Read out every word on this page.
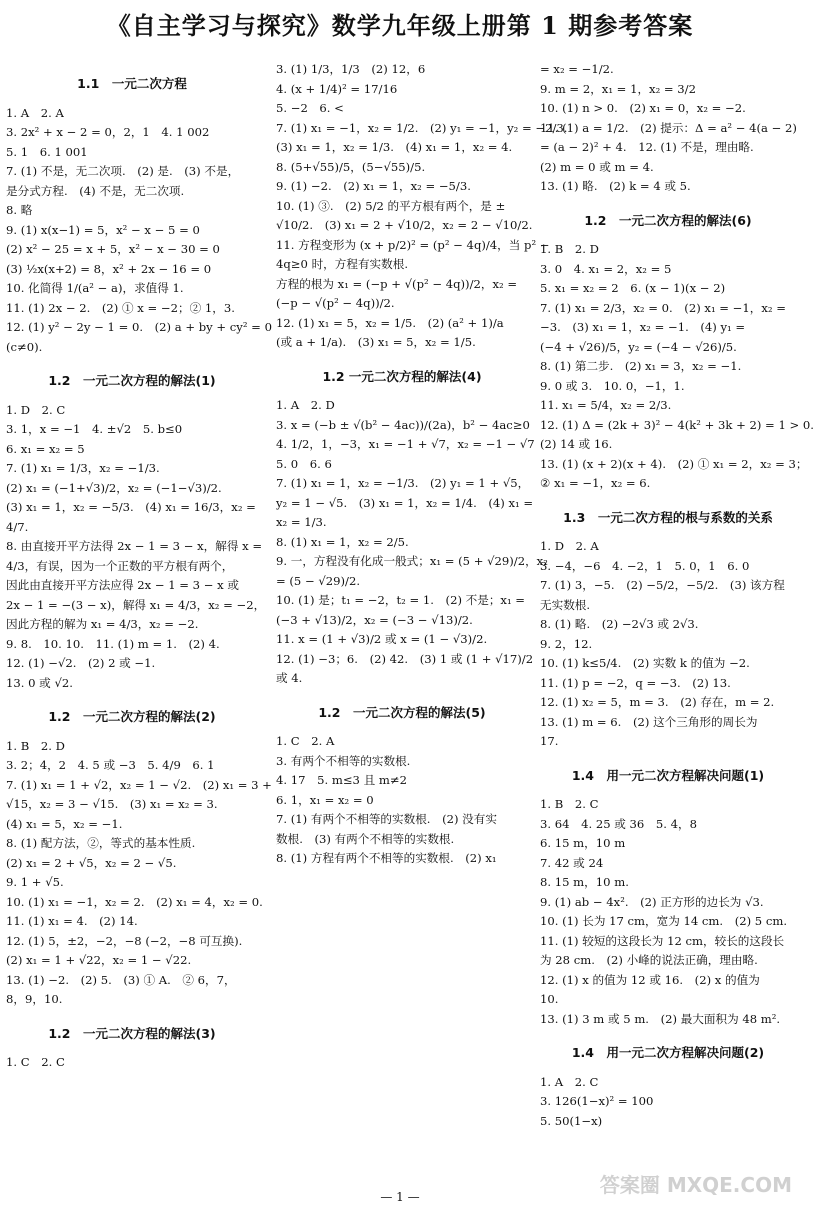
《自主学习与探究》数学九年级上册第 1 期参考答案
1.1　一元二次方程
1. A　2. A
3. 2x² + x − 2 = 0，2，1　4. 1 002
5. 1　6. 1 001
7. (1) 不是，无二次项.　(2) 是.　(3) 不是，
是分式方程.　(4) 不是，无二次项.
8. 略
9. (1) x(x−1) = 5，x² − x − 5 = 0
(2) x² − 25 = x + 5，x² − x − 30 = 0
(3) ½x(x+2) = 8，x² + 2x − 16 = 0
10. 化简得 1/(a² − a)，求值得 1.
11. (1) 2x − 2.　(2) ① x = −2；② 1，3.
12. (1) y² − 2y − 1 = 0.　(2) a + by + cy² = 0
(c≠0).
1.2　一元二次方程的解法(1)
1. D　2. C
3. 1，x = −1　4. ±√2　5. b≤0
6. x₁ = x₂ = 5
7. (1) x₁ = 1/3，x₂ = −1/3.
(2) x₁ = (−1+√3)/2，x₂ = (−1−√3)/2.
(3) x₁ = 1，x₂ = −5/3.　(4) x₁ = 16/3，x₂ =
4/7.
8. 由直接开平方法得 2x − 1 = 3 − x，解得 x =
4/3，有误，因为一个正数的平方根有两个，
因此由直接开平方法应得 2x − 1 = 3 − x 或
2x − 1 = −(3 − x)，解得 x₁ = 4/3，x₂ = −2，
因此方程的解为 x₁ = 4/3，x₂ = −2.
9. 8.　10. 10.　11. (1) m = 1.　(2) 4.
12. (1) −√2.　(2) 2 或 −1.
13. 0 或 √2.
1.2　一元二次方程的解法(2)
1. B　2. D
3. 2；4，2　4. 5 或 −3　5. 4/9　6. 1
7. (1) x₁ = 1 + √2，x₂ = 1 − √2.　(2) x₁ = 3 +
√15，x₂ = 3 − √15.　(3) x₁ = x₂ = 3.
(4) x₁ = 5，x₂ = −1.
8. (1) 配方法，②，等式的基本性质.
(2) x₁ = 2 + √5，x₂ = 2 − √5.
9. 1 + √5.
10. (1) x₁ = −1，x₂ = 2.　(2) x₁ = 4，x₂ = 0.
11. (1) x₁ = 4.　(2) 14.
12. (1) 5，±2，−2，−8 (−2，−8 可互换).
(2) x₁ = 1 + √22，x₂ = 1 − √22.
13. (1) −2.　(2) 5.　(3) ① A.　② 6，7，
8，9，10.
1.2　一元二次方程的解法(3)
1. C　2. C
3. (1) 1/3，1/3　(2) 12，6
4. (x + 1/4)² = 17/16
5. −2　6. <
7. (1) x₁ = −1，x₂ = 1/2.　(2) y₁ = −1，y₂ = −2/3.
(3) x₁ = 1，x₂ = 1/3.　(4) x₁ = 1，x₂ = 4.
8. (5+√55)/5，(5−√55)/5.
9. (1) −2.　(2) x₁ = 1，x₂ = −5/3.
10. (1) ③.　(2) 5/2 的平方根有两个，是 ±
√10/2.　(3) x₁ = 2 + √10/2，x₂ = 2 − √10/2.
11. 方程变形为 (x + p/2)² = (p² − 4q)/4，当 p² −
4q≥0 时，方程有实数根.
方程的根为 x₁ = (−p + √(p² − 4q))/2，x₂ =
(−p − √(p² − 4q))/2.
12. (1) x₁ = 5，x₂ = 1/5.　(2) (a² + 1)/a
(或 a + 1/a).　(3) x₁ = 5，x₂ = 1/5.
1.2 一元二次方程的解法(4)
1. A　2. D
3. x = (−b ± √(b² − 4ac))/(2a)，b² − 4ac≥0
4. 1/2，1，−3，x₁ = −1 + √7，x₂ = −1 − √7
5. 0　6. 6
7. (1) x₁ = 1，x₂ = −1/3.　(2) y₁ = 1 + √5，
y₂ = 1 − √5.　(3) x₁ = 1，x₂ = 1/4.　(4) x₁ =
x₂ = 1/3.
8. (1) x₁ = 1，x₂ = 2/5.
9. 一，方程没有化成一般式；x₁ = (5 + √29)/2，x₂
= (5 − √29)/2.
10. (1) 是；t₁ = −2，t₂ = 1.　(2) 不是；x₁ =
(−3 + √13)/2，x₂ = (−3 − √13)/2.
11. x = (1 + √3)/2 或 x = (1 − √3)/2.
12. (1) −3；6.　(2) 42.　(3) 1 或 (1 + √17)/2
或 4.
1.2　一元二次方程的解法(5)
1. C　2. A
3. 有两个不相等的实数根.
4. 17　5. m≤3 且 m≠2
6. 1，x₁ = x₂ = 0
7. (1) 有两个不相等的实数根.　(2) 没有实
数根.　(3) 有两个不相等的实数根.
8. (1) 方程有两个不相等的实数根.　(2) x₁
= x₂ = −1/2.
9. m = 2，x₁ = 1，x₂ = 3/2
10. (1) n > 0.　(2) x₁ = 0，x₂ = −2.
11. (1) a = 1/2.　(2) 提示：Δ = a² − 4(a − 2)
= (a − 2)² + 4.　12. (1) 不是，理由略.
(2) m = 0 或 m = 4.
13. (1) 略.　(2) k = 4 或 5.
1.2　一元二次方程的解法(6)
1. B　2. D
3. 0　4. x₁ = 2，x₂ = 5
5. x₁ = x₂ = 2　6. (x − 1)(x − 2)
7. (1) x₁ = 2/3，x₂ = 0.　(2) x₁ = −1，x₂ =
−3.　(3) x₁ = 1，x₂ = −1.　(4) y₁ =
(−4 + √26)/5，y₂ = (−4 − √26)/5.
8. (1) 第二步.　(2) x₁ = 3，x₂ = −1.
9. 0 或 3.　10. 0，−1，1.
11. x₁ = 5/4，x₂ = 2/3.
12. (1) Δ = (2k + 3)² − 4(k² + 3k + 2) = 1 > 0.
(2) 14 或 16.
13. (1) (x + 2)(x + 4).　(2) ① x₁ = 2，x₂ = 3；
② x₁ = −1，x₂ = 6.
1.3　一元二次方程的根与系数的关系
1. D　2. A
3. −4，−6　4. −2，1　5. 0，1　6. 0
7. (1) 3，−5.　(2) −5/2，−5/2.　(3) 该方程
无实数根.
8. (1) 略.　(2) −2√3 或 2√3.
9. 2，12.
10. (1) k≤5/4.　(2) 实数 k 的值为 −2.
11. (1) p = −2，q = −3.　(2) 13.
12. (1) x₂ = 5，m = 3.　(2) 存在，m = 2.
13. (1) m = 6.　(2) 这个三角形的周长为
17.
1.4　用一元二次方程解决问题(1)
1. B　2. C
3. 64　4. 25 或 36　5. 4，8
6. 15 m，10 m
7. 42 或 24
8. 15 m，10 m.
9. (1) ab − 4x².　(2) 正方形的边长为 √3.
10. (1) 长为 17 cm，宽为 14 cm.　(2) 5 cm.
11. (1) 较短的这段长为 12 cm，较长的这段长
为 28 cm.　(2) 小峰的说法正确，理由略.
12. (1) x 的值为 12 或 16.　(2) x 的值为
10.
13. (1) 3 m 或 5 m.　(2) 最大面积为 48 m².
1.4　用一元二次方程解决问题(2)
1. A　2. C
3. 126(1−x)² = 100
5. 50(1−x)
— 1 —	答案圈 MXQE.COM
